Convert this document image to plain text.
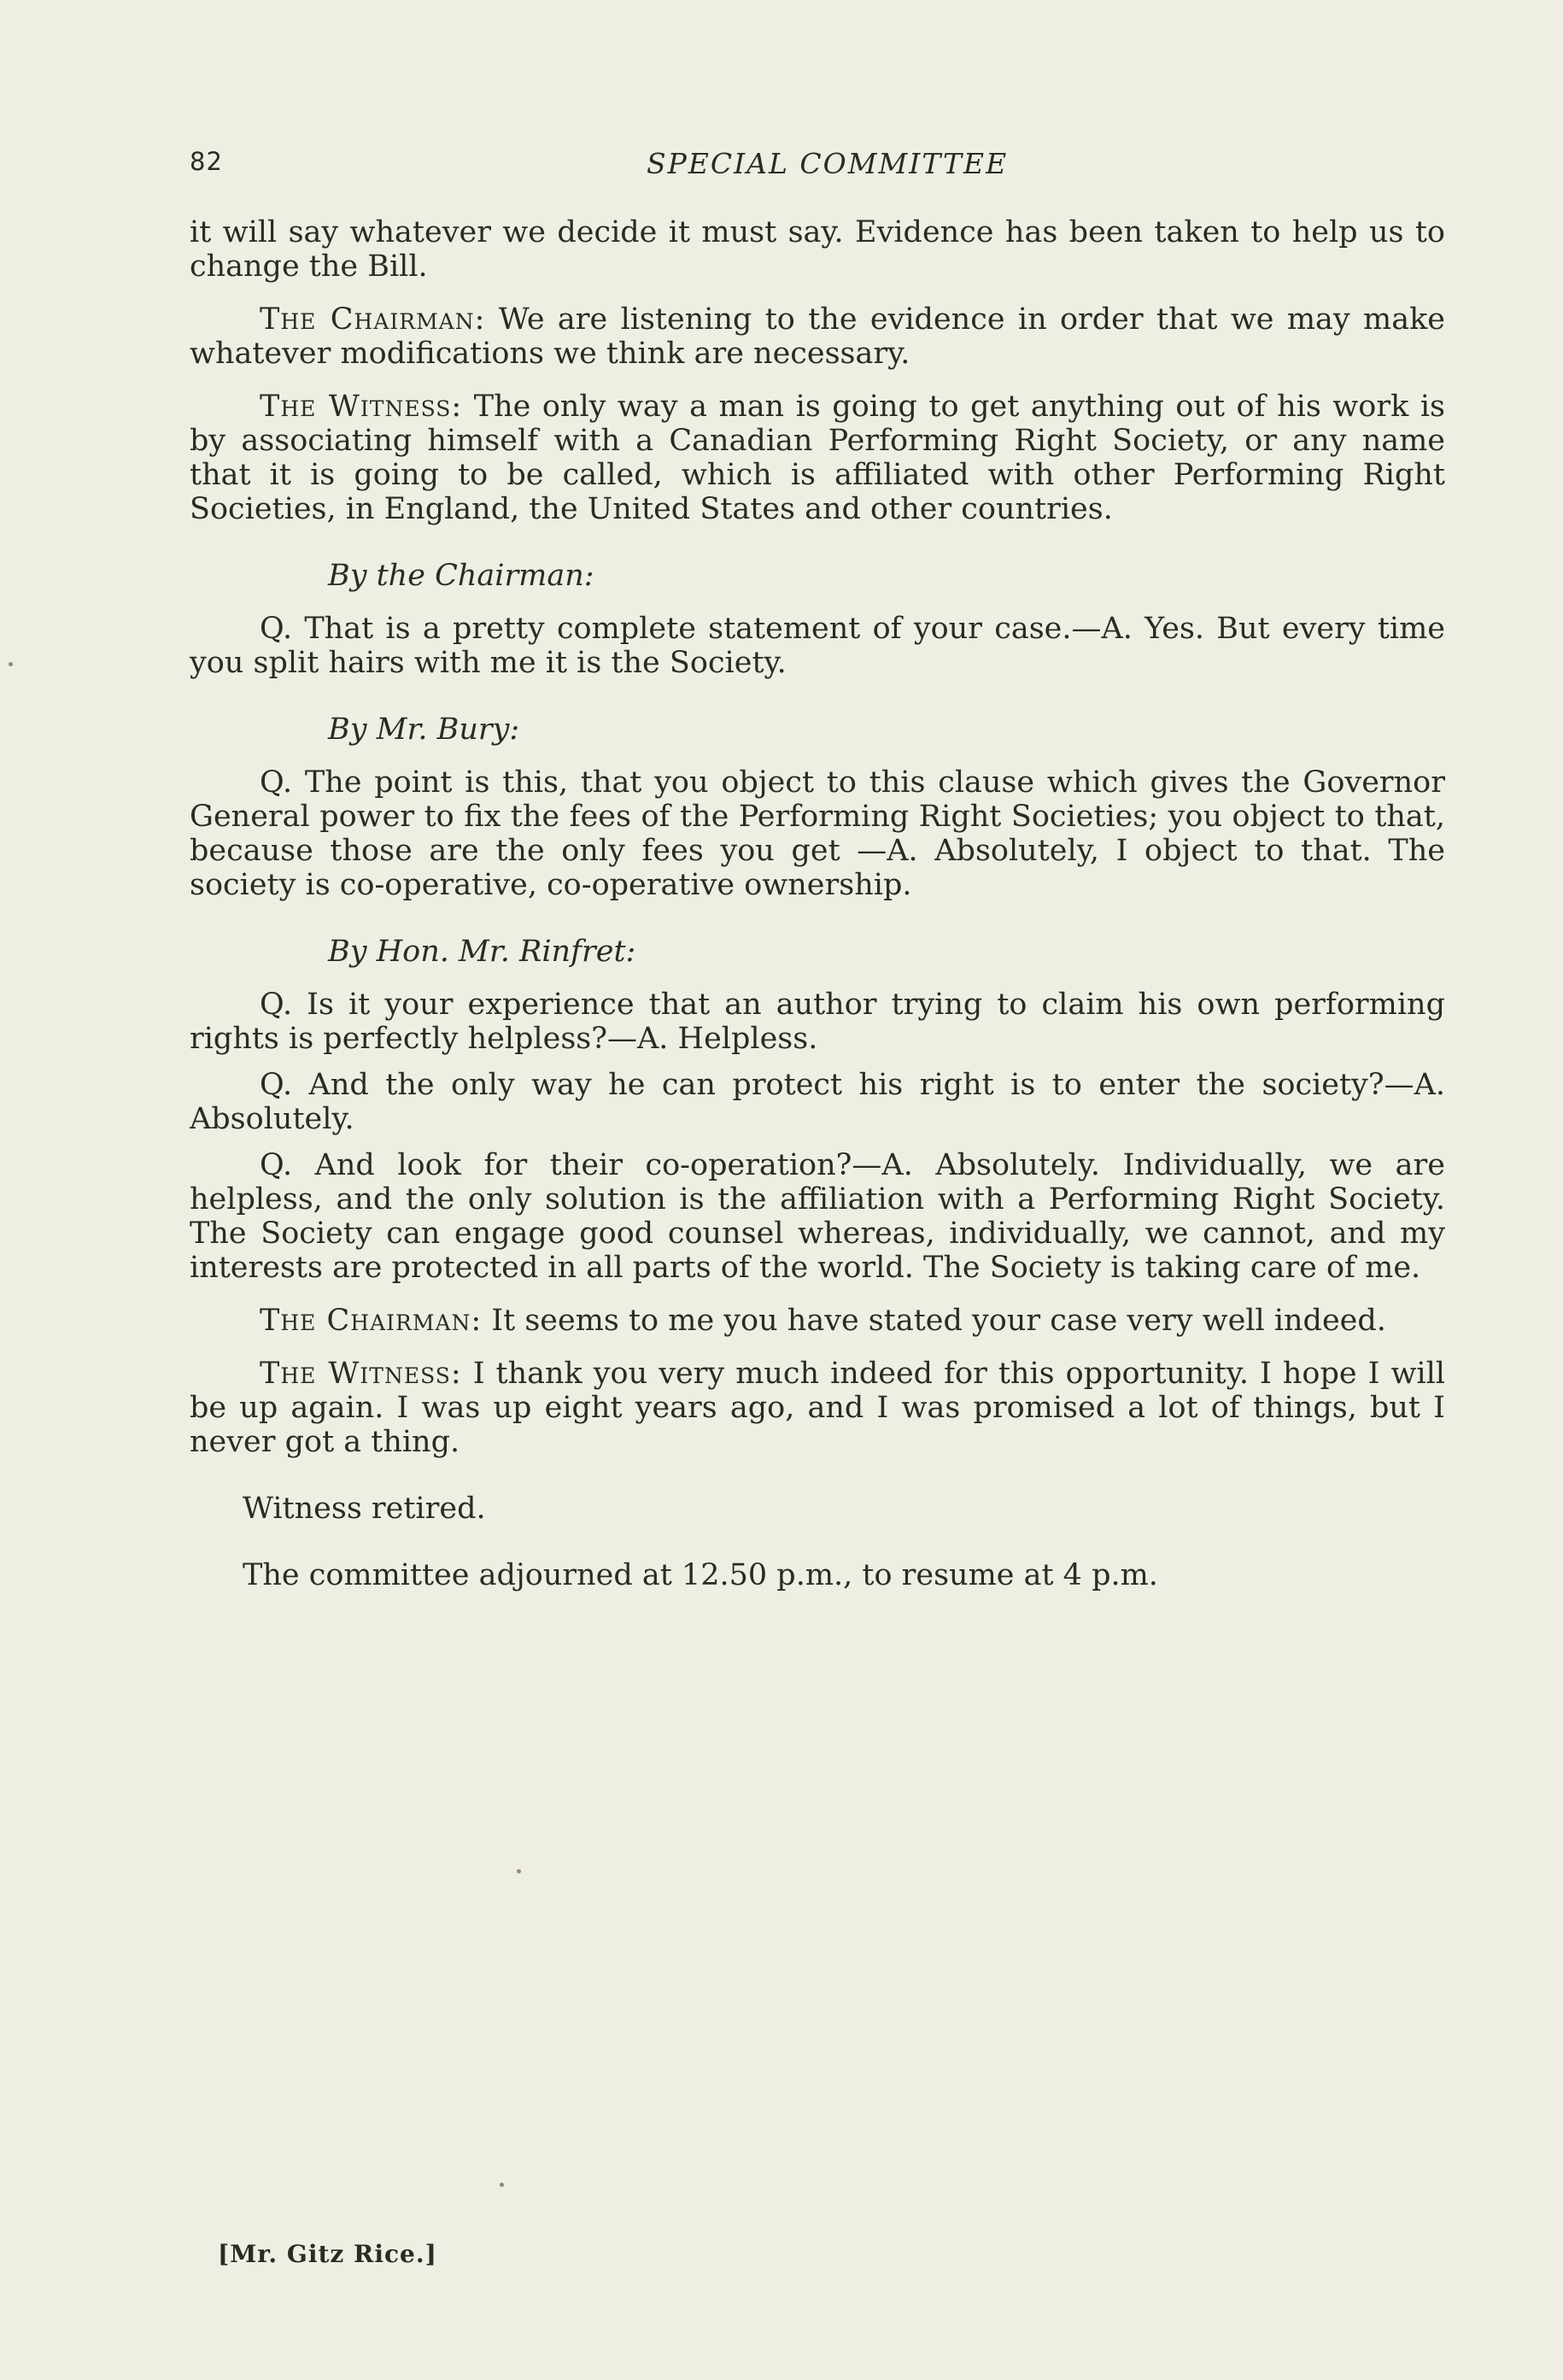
82	SPECIAL COMMITTEE

it will say whatever we decide it must say. Evidence has been taken to help us to change the Bill.

The Chairman: We are listening to the evidence in order that we may make whatever modifications we think are necessary.

The Witness: The only way a man is going to get anything out of his work is by associating himself with a Canadian Performing Right Society, or any name that it is going to be called, which is affiliated with other Performing Right Societies, in England, the United States and other countries.

By the Chairman:

Q. That is a pretty complete statement of your case.—A. Yes. But every time you split hairs with me it is the Society.

By Mr. Bury:

Q. The point is this, that you object to this clause which gives the Governor General power to fix the fees of the Performing Right Societies; you object to that, because those are the only fees you get —A. Absolutely, I object to that. The society is co-operative, co-operative ownership.

By Hon. Mr. Rinfret:

Q. Is it your experience that an author trying to claim his own performing rights is perfectly helpless?—A. Helpless.

Q. And the only way he can protect his right is to enter the society?—A. Absolutely.

Q. And look for their co-operation?—A. Absolutely. Individually, we are helpless, and the only solution is the affiliation with a Performing Right Society. The Society can engage good counsel whereas, individually, we cannot, and my interests are protected in all parts of the world. The Society is taking care of me.

The Chairman: It seems to me you have stated your case very well indeed.

The Witness: I thank you very much indeed for this opportunity. I hope I will be up again. I was up eight years ago, and I was promised a lot of things, but I never got a thing.

Witness retired.

The committee adjourned at 12.50 p.m., to resume at 4 p.m.

[Mr. Gitz Rice.]
